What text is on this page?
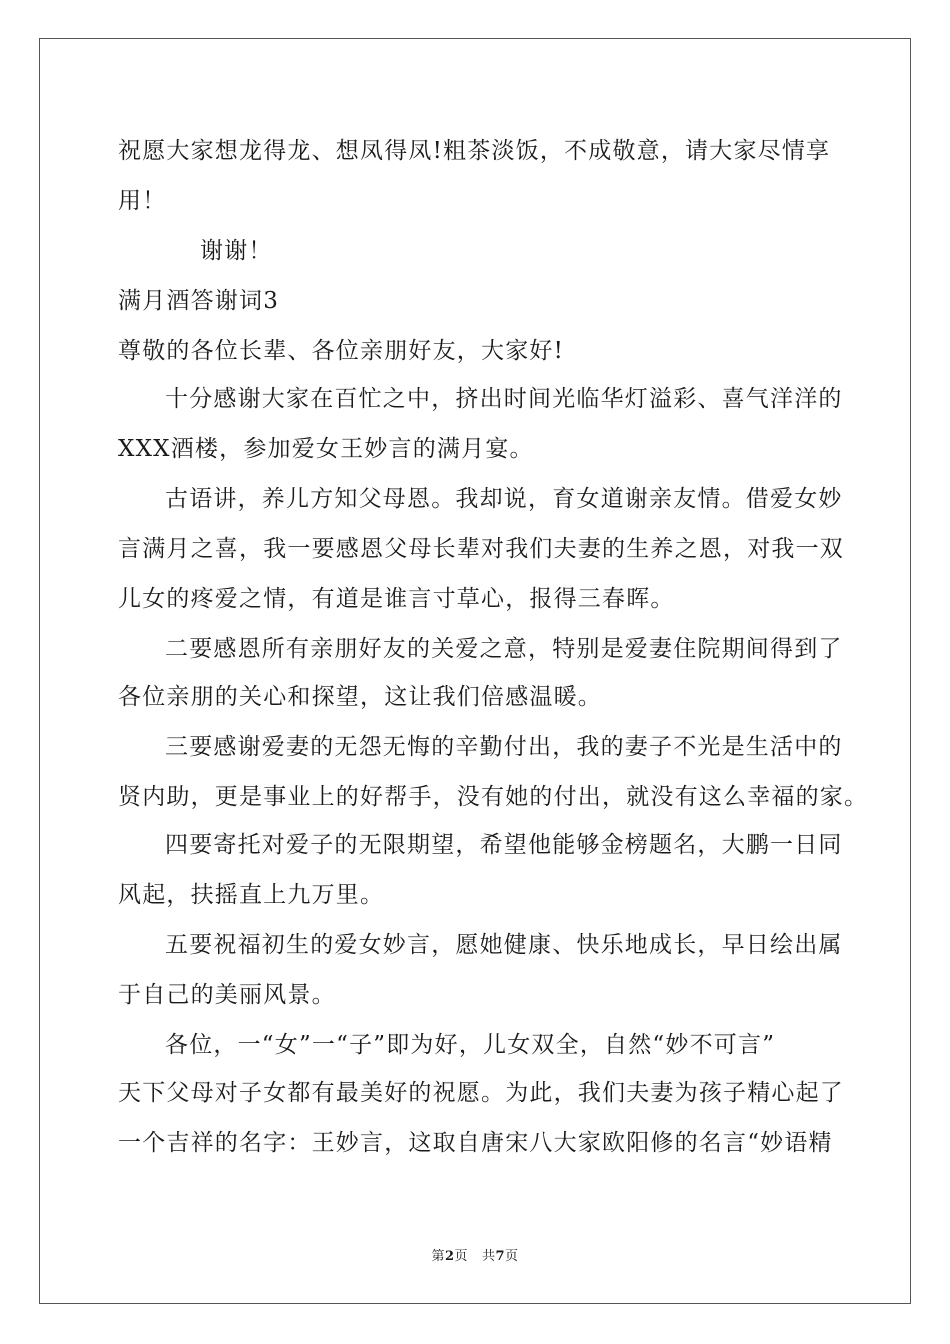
祝愿大家想龙得龙、想凤得凤!粗茶淡饭，不成敬意，请大家尽情享
用！
谢谢！
满月酒答谢词3
尊敬的各位长辈、各位亲朋好友，大家好!
十分感谢大家在百忙之中，挤出时间光临华灯溢彩、喜气洋洋的
XXX酒楼，参加爱女王妙言的满月宴。
古语讲，养儿方知父母恩。我却说，育女道谢亲友情。借爱女妙
言满月之喜，我一要感恩父母长辈对我们夫妻的生养之恩，对我一双
儿女的疼爱之情，有道是谁言寸草心，报得三春晖。
二要感恩所有亲朋好友的关爱之意，特别是爱妻住院期间得到了
各位亲朋的关心和探望，这让我们倍感温暖。
三要感谢爱妻的无怨无悔的辛勤付出，我的妻子不光是生活中的
贤内助，更是事业上的好帮手，没有她的付出，就没有这么幸福的家。
四要寄托对爱子的无限期望，希望他能够金榜题名，大鹏一日同
风起，扶摇直上九万里。
五要祝福初生的爱女妙言，愿她健康、快乐地成长，早日绘出属
于自己的美丽风景。
各位，一“女”一“子”即为好，儿女双全，自然“妙不可言”
天下父母对子女都有最美好的祝愿。为此，我们夫妻为孩子精心起了
一个吉祥的名字：王妙言，这取自唐宋八大家欧阳修的名言“妙语精
第2页 共7页
